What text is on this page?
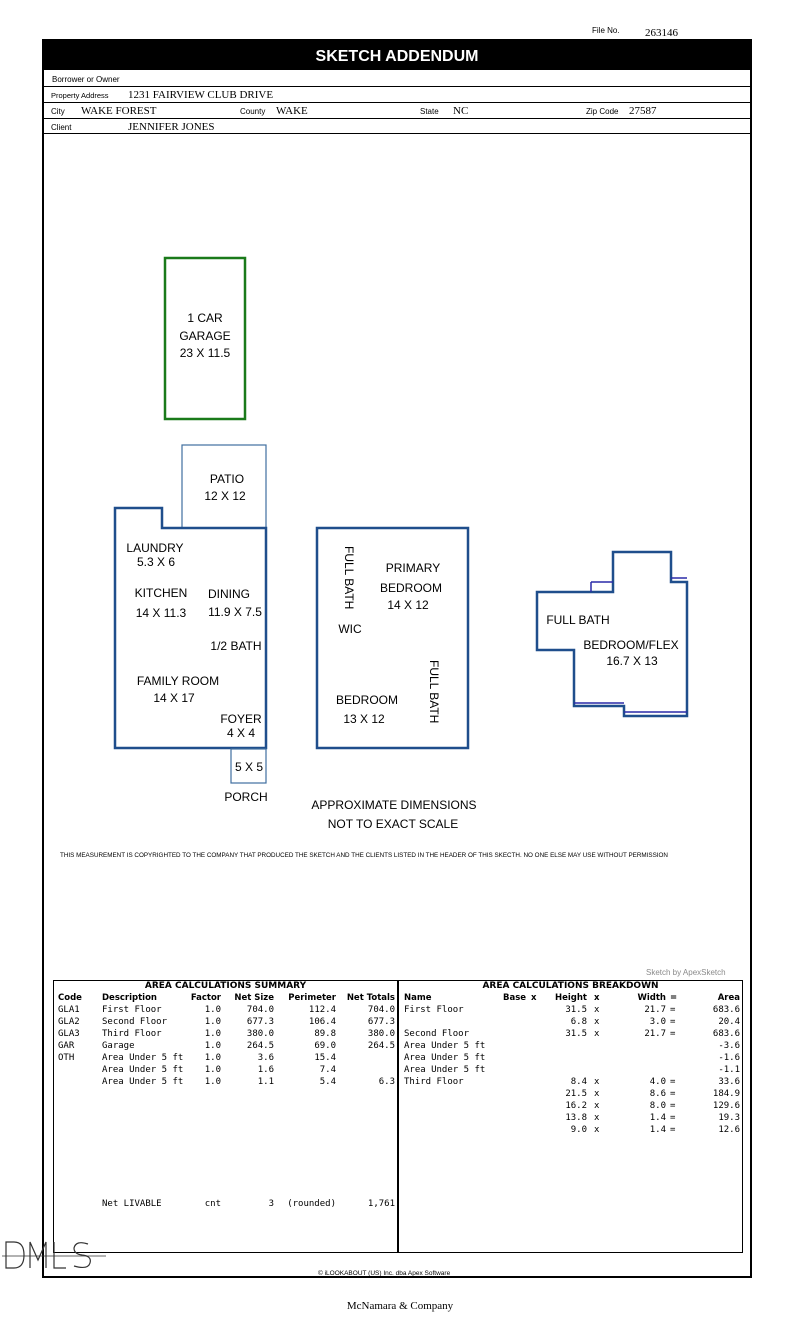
File No. 263146
SKETCH ADDENDUM
Borrower or Owner
Property Address 1231 FAIRVIEW CLUB DRIVE
City WAKE FOREST	County WAKE	State NC	Zip Code 27587
Client	JENNIFER JONES
1 CAR
GARAGE
23 X 11.5
PATIO
12 X 12
LAUNDRY
5.3 X 6
KITCHEN
14 X 11.3
DINING
11.9 X 7.5
1/2 BATH
FAMILY ROOM
14 X 17
FOYER
4 X 4
5 X 5
PORCH
FULL BATH PRIMARY
BEDROOM
14 X 12
WIC
BEDROOM
13 X 12	FULL BATH
FULL BATH
BEDROOM/FLEX
16.7 X 13
APPROXIMATE DIMENSIONS
NOT TO EXACT SCALE
THIS MEASUREMENT IS COPYRIGHTED TO THE COMPANY THAT PRODUCED THE SKETCH AND THE CLIENTS LISTED IN THE HEADER OF THIS SKECTH. NO ONE ELSE MAY USE WITHOUT PERMISSION
Sketch by ApexSketch
AREA CALCULATIONS SUMMARY	AREA CALCULATIONS BREAKDOWN
Code Description	Factor	Net Size	Perimeter	Net Totals
GLA1 First Floor	1.0	704.0	112.4	704.0
GLA2 Second Floor	1.0	677.3	106.4	677.3
GLA3 Third Floor	1.0	380.0	89.8	380.0
GAR	Garage	1.0	264.5	69.0	264.5
OTH	Area Under 5 ft	1.0	3.6	15.4
Area Under 5 ft	1.0	1.6	7.4
Area Under 5 ft	1.0	1.1	5.4	6.3
Net LIVABLE	cnt	3	(rounded)	1,761
Name	Base x	Height x	Width =	Area
First Floor	31.5 x	21.7 =	683.6
6.8 x	3.0 =	20.4
Second Floor	31.5 x	21.7 =	683.6
Area Under 5 ft	-3.6
Area Under 5 ft	-1.6
Area Under 5 ft	-1.1
Third Floor	8.4 x	4.0 =	33.6
21.5 x	8.6 =	184.9
16.2 x	8.0 =	129.6
13.8 x	1.4 =	19.3
9.0 x	1.4 =	12.6
© iLOOKABOUT (US) Inc. dba Apex Software
McNamara & Company
